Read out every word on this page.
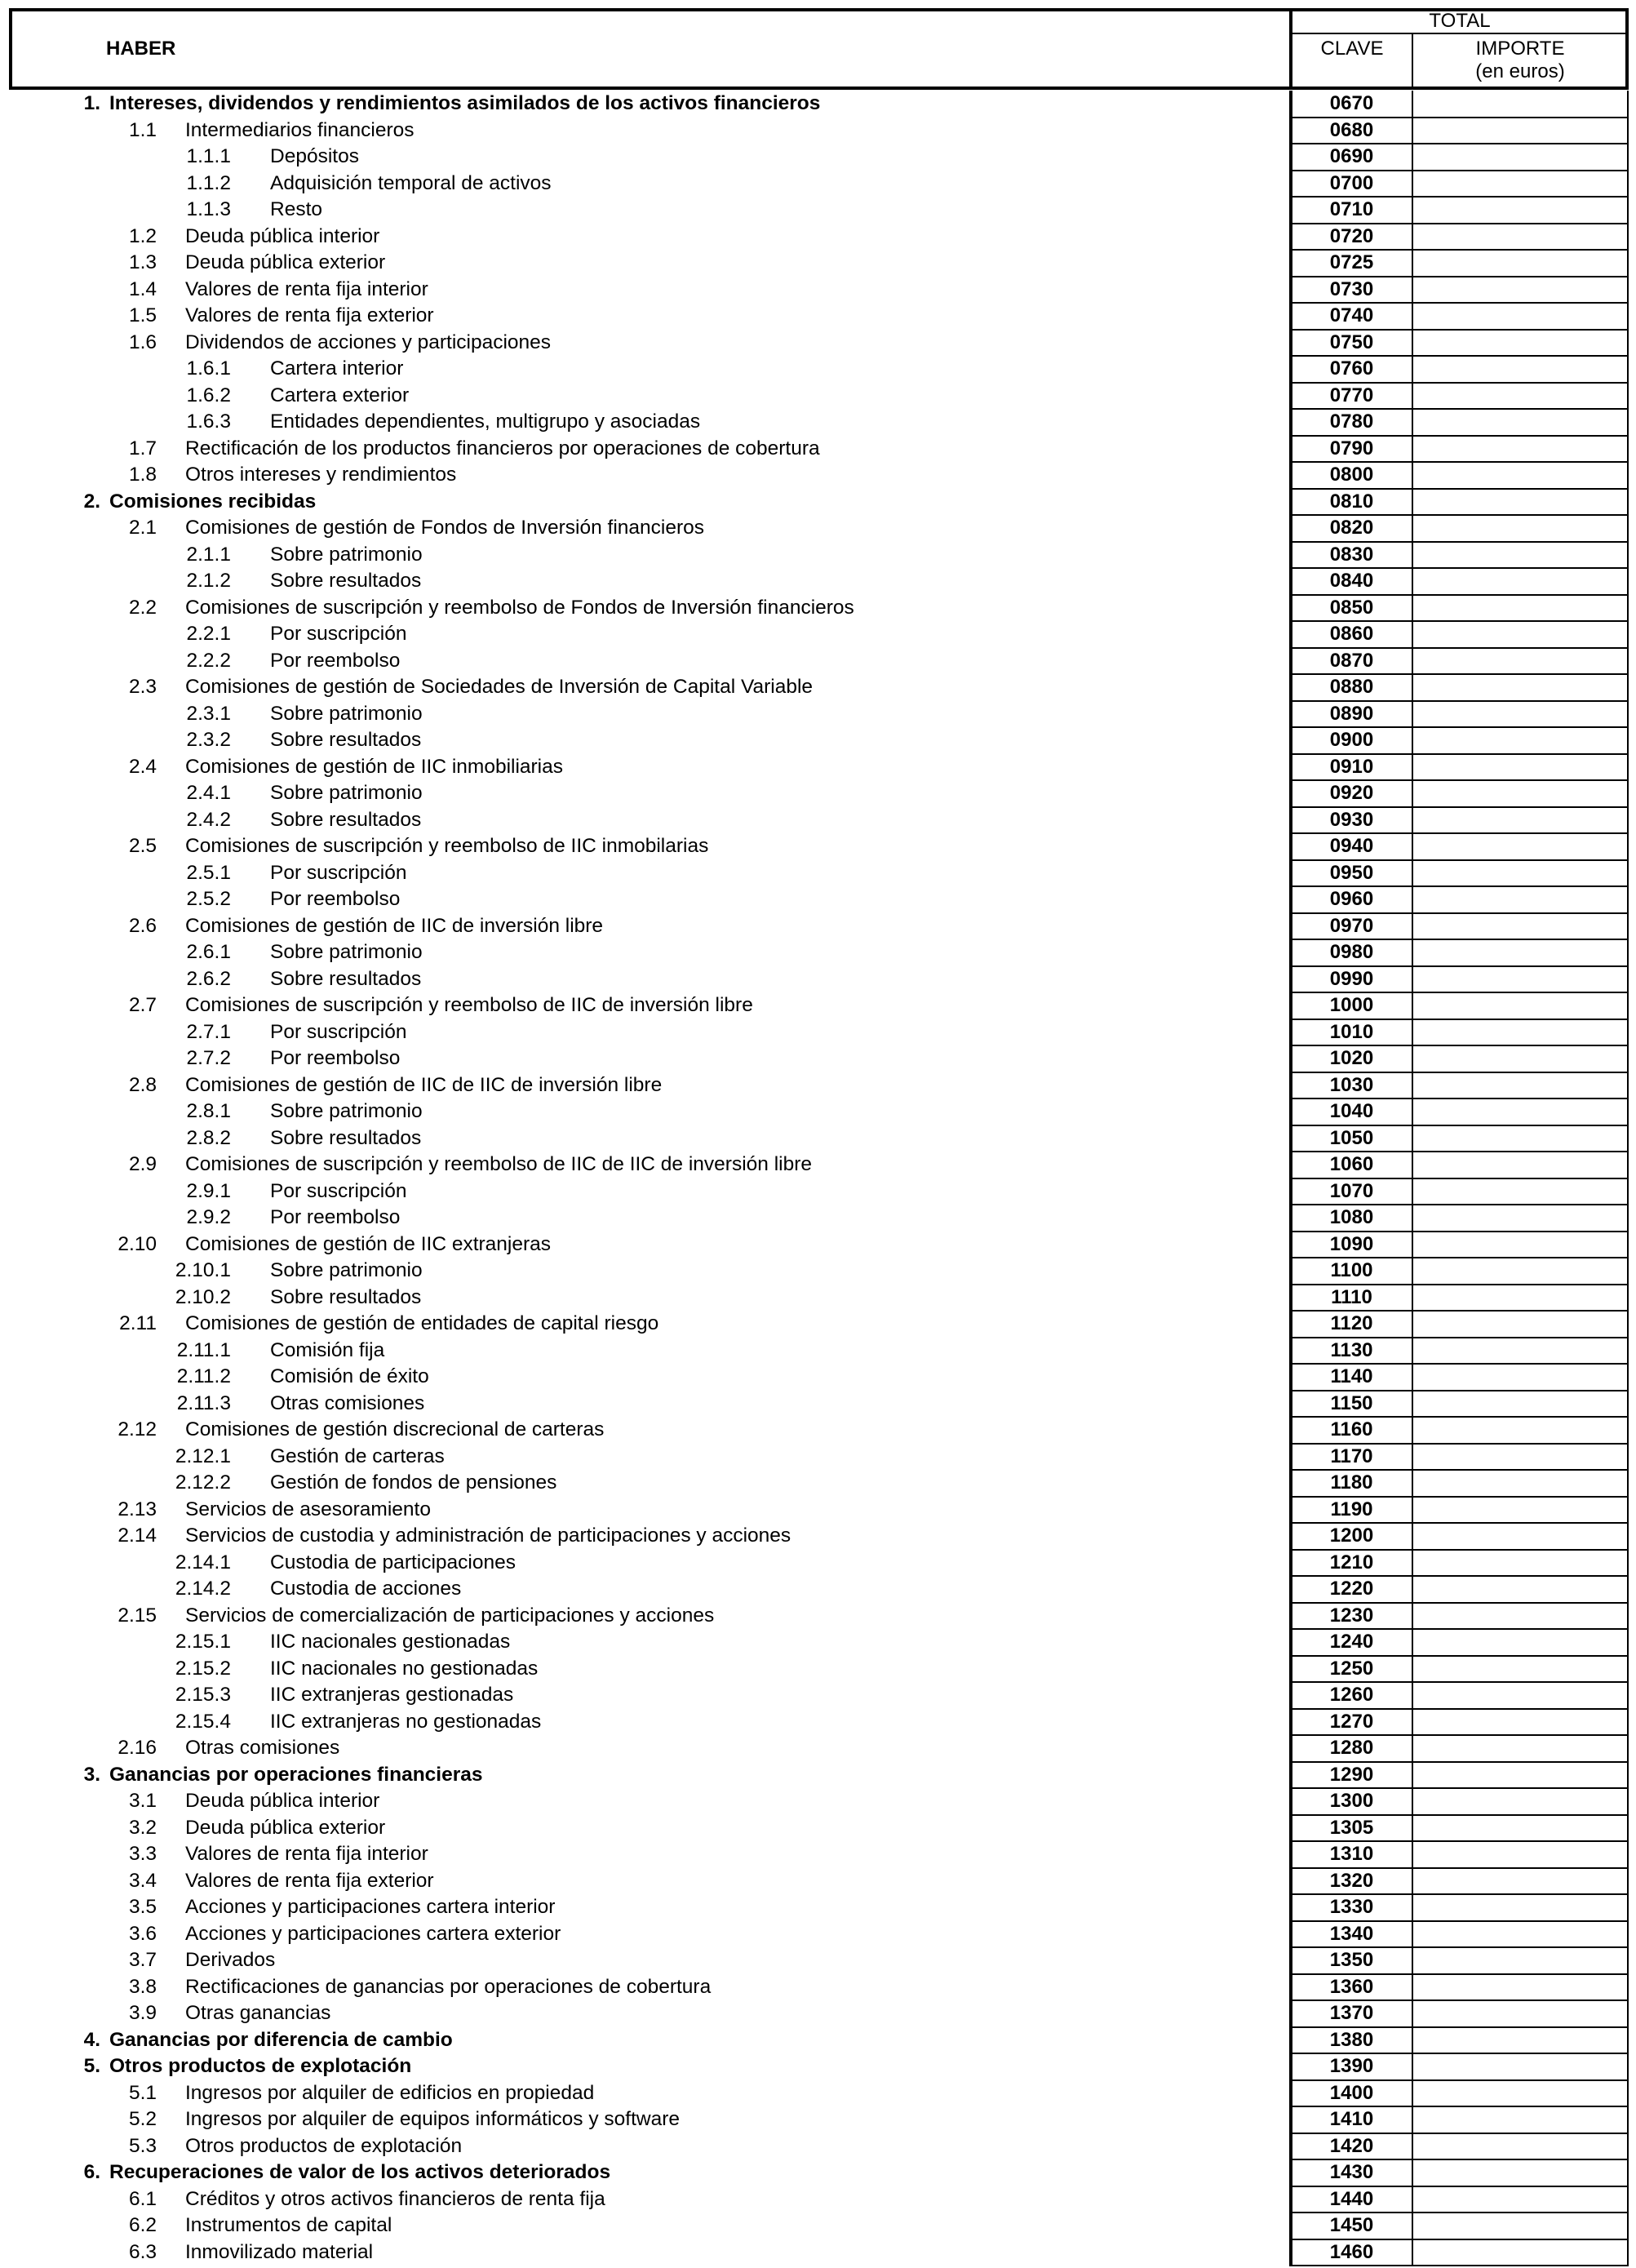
HABER
TOTAL
CLAVE	IMPORTE
(en euros)
1. Intereses, dividendos y rendimientos asimilados de los activos financieros	0670
1.1 Intermediarios financieros	0680
1.1.1 Depósitos	0690
1.1.2 Adquisición temporal de activos	0700
1.1.3 Resto	0710
1.2 Deuda pública interior	0720
1.3 Deuda pública exterior	0725
1.4 Valores de renta fija interior	0730
1.5 Valores de renta fija exterior	0740
1.6 Dividendos de acciones y participaciones	0750
1.6.1 Cartera interior	0760
1.6.2 Cartera exterior	0770
1.6.3 Entidades dependientes, multigrupo y asociadas	0780
1.7 Rectificación de los productos financieros por operaciones de cobertura	0790
1.8 Otros intereses y rendimientos	0800
2. Comisiones recibidas	0810
2.1 Comisiones de gestión de Fondos de Inversión financieros	0820
2.1.1 Sobre patrimonio	0830
2.1.2 Sobre resultados	0840
2.2 Comisiones de suscripción y reembolso de Fondos de Inversión financieros	0850
2.2.1 Por suscripción	0860
2.2.2 Por reembolso	0870
2.3 Comisiones de gestión de Sociedades de Inversión de Capital Variable	0880
2.3.1 Sobre patrimonio	0890
2.3.2 Sobre resultados	0900
2.4 Comisiones de gestión de IIC inmobiliarias	0910
2.4.1 Sobre patrimonio	0920
2.4.2 Sobre resultados	0930
2.5 Comisiones de suscripción y reembolso de IIC inmobilarias	0940
2.5.1 Por suscripción	0950
2.5.2 Por reembolso	0960
2.6 Comisiones de gestión de IIC de inversión libre	0970
2.6.1 Sobre patrimonio	0980
2.6.2 Sobre resultados	0990
2.7 Comisiones de suscripción y reembolso de IIC de inversión libre	1000
2.7.1 Por suscripción	1010
2.7.2 Por reembolso	1020
2.8 Comisiones de gestión de IIC de IIC de inversión libre	1030
2.8.1 Sobre patrimonio	1040
2.8.2 Sobre resultados	1050
2.9 Comisiones de suscripción y reembolso de IIC de IIC de inversión libre	1060
2.9.1 Por suscripción	1070
2.9.2 Por reembolso	1080
2.10 Comisiones de gestión de IIC extranjeras	1090
2.10.1 Sobre patrimonio	1100
2.10.2 Sobre resultados	1110
2.11 Comisiones de gestión de entidades de capital riesgo	1120
2.11.1 Comisión fija	1130
2.11.2 Comisión de éxito	1140
2.11.3 Otras comisiones	1150
2.12 Comisiones de gestión discrecional de carteras	1160
2.12.1 Gestión de carteras	1170
2.12.2 Gestión de fondos de pensiones	1180
2.13 Servicios de asesoramiento	1190
2.14 Servicios de custodia y administración de participaciones y acciones	1200
2.14.1 Custodia de participaciones	1210
2.14.2 Custodia de acciones	1220
2.15 Servicios de comercialización de participaciones y acciones	1230
2.15.1 IIC nacionales gestionadas	1240
2.15.2 IIC nacionales no gestionadas	1250
2.15.3 IIC extranjeras gestionadas	1260
2.15.4 IIC extranjeras no gestionadas	1270
2.16 Otras comisiones	1280
3. Ganancias por operaciones financieras	1290
3.1 Deuda pública interior	1300
3.2 Deuda pública exterior	1305
3.3 Valores de renta fija interior	1310
3.4 Valores de renta fija exterior	1320
3.5 Acciones y participaciones cartera interior	1330
3.6 Acciones y participaciones cartera exterior	1340
3.7 Derivados	1350
3.8 Rectificaciones de ganancias por operaciones de cobertura	1360
3.9 Otras ganancias	1370
4. Ganancias por diferencia de cambio	1380
5. Otros productos de explotación	1390
5.1 Ingresos por alquiler de edificios en propiedad	1400
5.2 Ingresos por alquiler de equipos informáticos y software	1410
5.3 Otros productos de explotación	1420
6. Recuperaciones de valor de los activos deteriorados	1430
6.1 Créditos y otros activos financieros de renta fija	1440
6.2 Instrumentos de capital	1450
6.3 Inmovilizado material	1460
